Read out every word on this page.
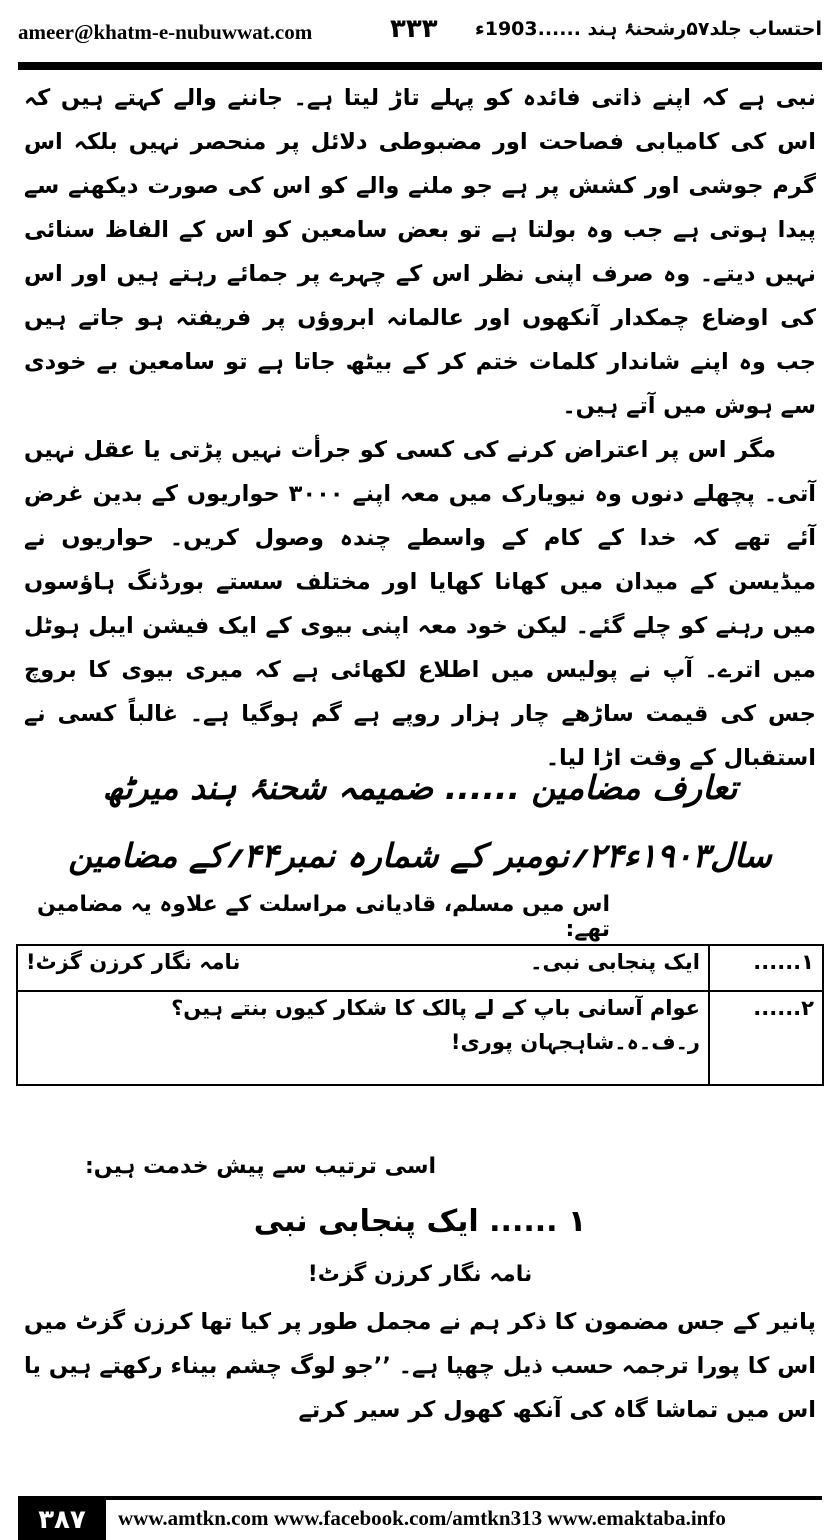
ameer@khatm-e-nubuwwat.com	۳۳۳ احتساب جلد۵۷رشحنۂ ہند ......1903ء

نبی ہے کہ اپنے ذاتی فائدہ کو پہلے تاڑ لیتا ہے۔ جاننے والے کہتے ہیں کہ اس کی کامیابی فصاحت اور مضبوطی دلائل پر منحصر نہیں بلکہ اس گرم جوشی اور کشش پر ہے جو ملنے والے کو اس کی صورت دیکھنے سے پیدا ہوتی ہے جب وہ بولتا ہے تو بعض سامعین کو اس کے الفاظ سنائی نہیں دیتے۔ وہ صرف اپنی نظر اس کے چہرے پر جمائے رہتے ہیں اور اس کی اوضاع چمکدار آنکھوں اور عالمانہ ابروؤں پر فریفتہ ہو جاتے ہیں جب وہ اپنے شاندار کلمات ختم کر کے بیٹھ جاتا ہے تو سامعین بے خودی سے ہوش میں آتے ہیں۔

مگر اس پر اعتراض کرنے کی کسی کو جرأت نہیں پڑتی یا عقل نہیں آتی۔ پچھلے دنوں وہ نیویارک میں معہ اپنے ۳۰۰۰ حواریوں کے بدین غرض آئے تھے کہ خدا کے کام کے واسطے چندہ وصول کریں۔ حواریوں نے میڈیسن کے میدان میں کھانا کھایا اور مختلف سستے بورڈنگ ہاؤسوں میں رہنے کو چلے گئے۔ لیکن خود معہ اپنی بیوی کے ایک فیشن ایبل ہوٹل میں اترے۔ آپ نے پولیس میں اطلاع لکھائی ہے کہ میری بیوی کا بروچ جس کی قیمت ساڑھے چار ہزار روپے ہے گم ہوگیا ہے۔ غالباً کسی نے استقبال کے وقت اڑا لیا۔

تعارف مضامین ...... ضمیمہ شحنۂ ہند میرٹھ
سال۱۹۰۳ء۲۴؍نومبر کے شمارہ نمبر۴۴؍کے مضامین
اس میں مسلم، قادیانی مراسلت کے علاوہ یہ مضامین تھے:
۱......	ایک پنجابی نبی۔
نامہ نگار کرزن گزٹ!

۲......	عوام آسانی باپ کے لے پالک کا شکار کیوں بنتے ہیں؟
ر۔ف۔ہ۔شاہجہان پوری!
اسی ترتیب سے پیش خدمت ہیں:
۱ ...... ایک پنجابی نبی
نامہ نگار کرزن گزٹ!
پانیر کے جس مضمون کا ذکر ہم نے مجمل طور پر کیا تھا کرزن گزٹ میں اس کا پورا ترجمہ حسب ذیل چھپا ہے۔ ’’جو لوگ چشم بیناء رکھتے ہیں یا اس میں تماشا گاہ کی آنکھ کھول کر سیر کرتے
۳۸۷	www.amtkn.com www.facebook.com/amtkn313 www.emaktaba.info
